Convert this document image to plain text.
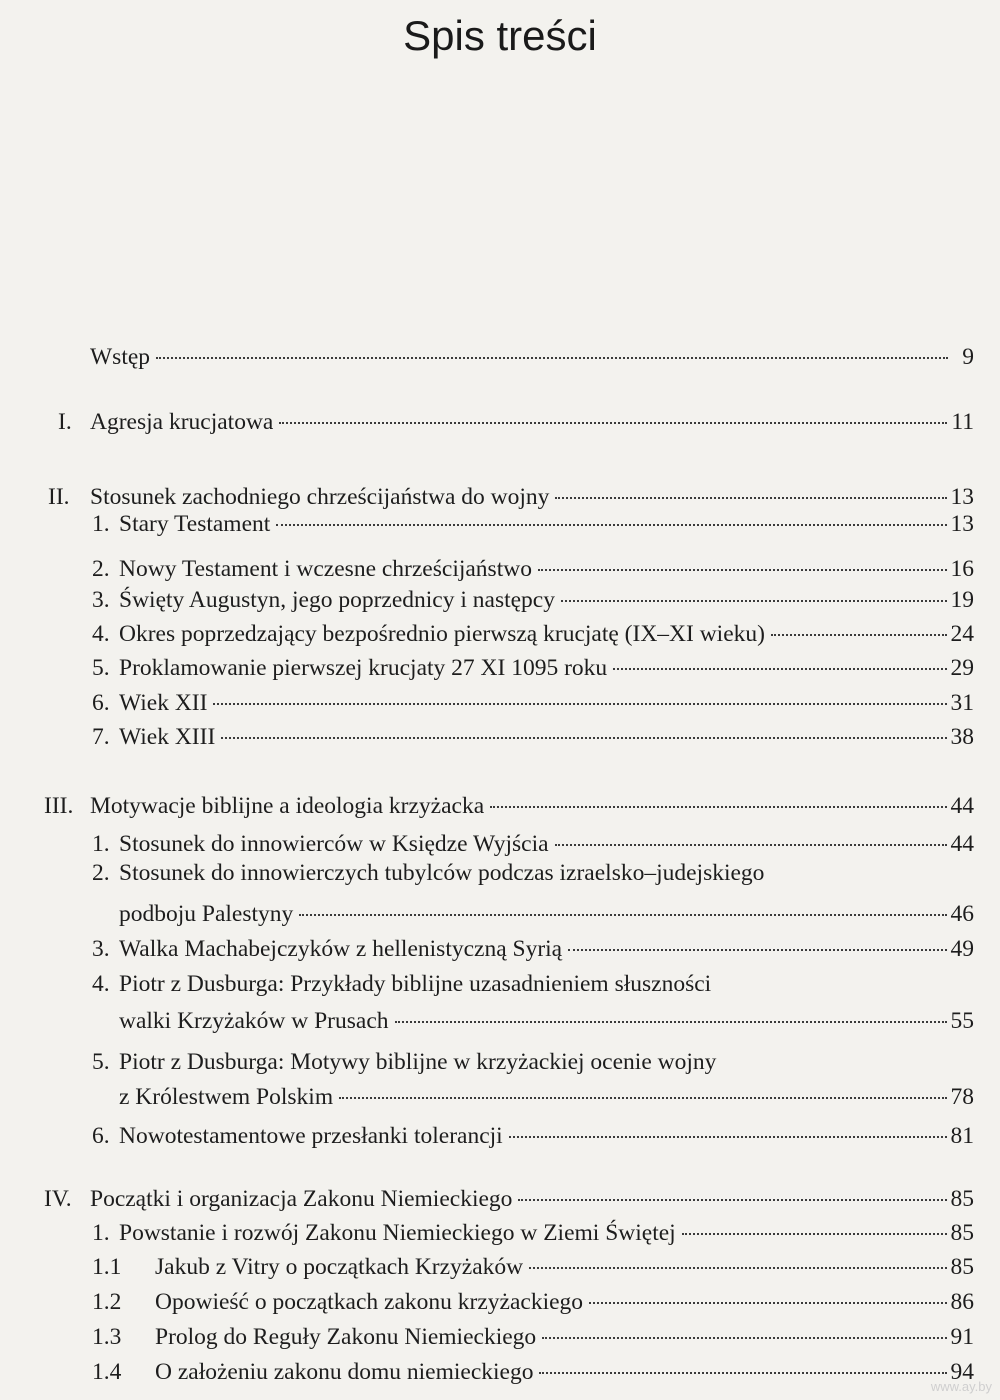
Spis treści
Wstęp	9
I. Agresja krucjatowa	11
II. Stosunek zachodniego chrześcijaństwa do wojny	13
1. Stary Testament	13
2. Nowy Testament i wczesne chrześcijaństwo	16
3. Święty Augustyn, jego poprzednicy i następcy	19
4. Okres poprzedzający bezpośrednio pierwszą krucjatę (IX–XI wieku)	24
5. Proklamowanie pierwszej krucjaty 27 XI 1095 roku	29
6. Wiek XII	31
7. Wiek XIII	38
III. Motywacje biblijne a ideologia krzyżacka	44
1. Stosunek do innowierców w Księdze Wyjścia	44
2. Stosunek do innowierczych tubylców podczas izraelsko–judejskiego
podboju Palestyny	46
3. Walka Machabejczyków z hellenistyczną Syrią	49
4. Piotr z Dusburga: Przykłady biblijne uzasadnieniem słuszności
walki Krzyżaków w Prusach	55
5. Piotr z Dusburga: Motywy biblijne w krzyżackiej ocenie wojny
z Królestwem Polskim	78
6. Nowotestamentowe przesłanki tolerancji	81
IV. Początki i organizacja Zakonu Niemieckiego	85
1. Powstanie i rozwój Zakonu Niemieckiego w Ziemi Świętej	85
1.1 Jakub z Vitry o początkach Krzyżaków	85
1.2 Opowieść o początkach zakonu krzyżackiego	86
1.3 Prolog do Reguły Zakonu Niemieckiego	91
1.4 O założeniu zakonu domu niemieckiego	94
www.ay.by
